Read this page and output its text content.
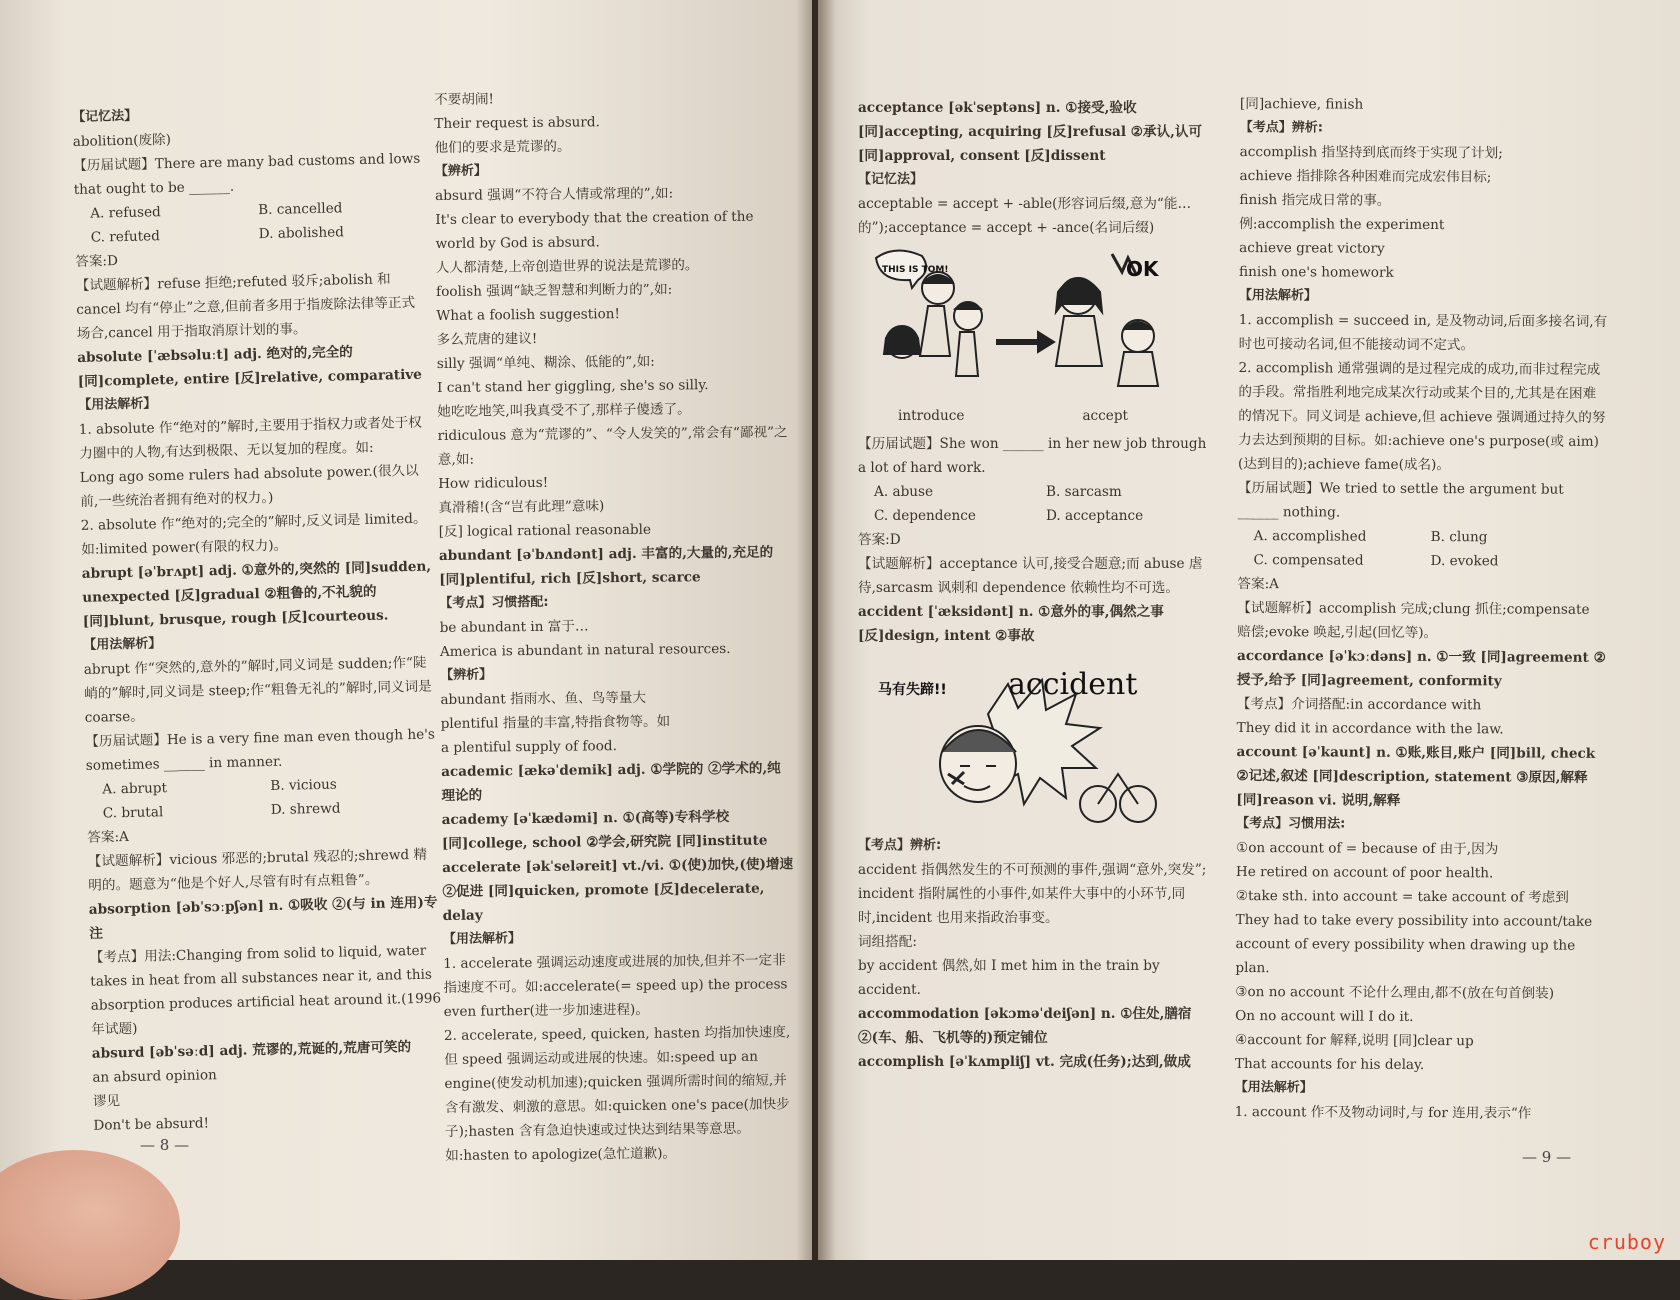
【记忆法】

abolition(废除)

【历届试题】There are many bad customs and lows that ought to be ______.

A. refused	B. cancelled

C. refuted	D. abolished

答案:D

【试题解析】refuse 拒绝;refuted 驳斥;abolish 和 cancel 均有“停止”之意,但前者多用于指废除法律等正式场合,cancel 用于指取消原计划的事。

absolute [ˈæbsəluːt] adj. 绝对的,完全的 [同]complete, entire [反]relative, comparative

【用法解析】

1. absolute 作“绝对的”解时,主要用于指权力或者处于权力圈中的人物,有达到极限、无以复加的程度。如:

Long ago some rulers had absolute power.(很久以前,一些统治者拥有绝对的权力。)

2. absolute 作“绝对的;完全的”解时,反义词是 limited。如:limited power(有限的权力)。

abrupt [əˈbrʌpt] adj. ①意外的,突然的 [同]sudden, unexpected [反]gradual ②粗鲁的,不礼貌的 [同]blunt, brusque, rough [反]courteous.

【用法解析】

abrupt 作“突然的,意外的”解时,同义词是 sudden;作“陡峭的”解时,同义词是 steep;作“粗鲁无礼的”解时,同义词是 coarse。

【历届试题】He is a very fine man even though he's sometimes ______ in manner.

A. abrupt	B. vicious

C. brutal	D. shrewd

答案:A

【试题解析】vicious 邪恶的;brutal 残忍的;shrewd 精明的。题意为“他是个好人,尽管有时有点粗鲁”。

absorption [əbˈsɔːpʃən] n. ①吸收 ②(与 in 连用)专注

【考点】用法:Changing from solid to liquid, water takes in heat from all substances near it, and this absorption produces artificial heat around it.(1996 年试题)

absurd [əbˈsəːd] adj. 荒谬的,荒诞的,荒唐可笑的

an absurd opinion

谬见

Don't be absurd!

不要胡闹!

Their request is absurd.

他们的要求是荒谬的。

【辨析】

absurd 强调“不符合人情或常理的”,如:

It's clear to everybody that the creation of the world by God is absurd.

人人都清楚,上帝创造世界的说法是荒谬的。

foolish 强调“缺乏智慧和判断力的”,如:

What a foolish suggestion!

多么荒唐的建议!

silly 强调“单纯、糊涂、低能的”,如:

I can't stand her giggling, she's so silly.

她吃吃地笑,叫我真受不了,那样子傻透了。

ridiculous 意为“荒谬的”、“令人发笑的”,常会有“鄙视”之意,如:

How ridiculous!

真滑稽!(含“岂有此理”意味)

[反] logical rational reasonable

abundant [əˈbʌndənt] adj. 丰富的,大量的,充足的 [同]plentiful, rich [反]short, scarce

【考点】习惯搭配:

be abundant in 富于…

America is abundant in natural resources.

【辨析】

abundant 指雨水、鱼、鸟等量大

plentiful 指量的丰富,特指食物等。如

a plentiful supply of food.

academic [ækəˈdemik] adj. ①学院的 ②学术的,纯理论的

academy [əˈkædəmi] n. ①(高等)专科学校 [同]college, school ②学会,研究院 [同]institute

accelerate [əkˈseləreit] vt./vi. ①(使)加快,(使)增速 ②促进 [同]quicken, promote [反]decelerate, delay

【用法解析】

1. accelerate 强调运动速度或进展的加快,但并不一定非指速度不可。如:accelerate(= speed up) the process even further(进一步加速进程)。

2. accelerate, speed, quicken, hasten 均指加快速度,但 speed 强调运动或进展的快速。如:speed up an engine(使发动机加速);quicken 强调所需时间的缩短,并含有激发、刺激的意思。如:quicken one's pace(加快步子);hasten 含有急迫快速或过快达到结果等意思。如:hasten to apologize(急忙道歉)。

acceptance [əkˈseptəns] n. ①接受,验收 [同]accepting, acquiring [反]refusal ②承认,认可 [同]approval, consent [反]dissent

【记忆法】

acceptable = accept + -able(形容词后缀,意为“能…的”);acceptance = accept + -ance(名词后缀)

THIS IS TOM!	OK
introduce	accept

【历届试题】She won ______ in her new job through a lot of hard work.

A. abuse	B. sarcasm

C. dependence	D. acceptance

答案:D

【试题解析】acceptance 认可,接受合题意;而 abuse 虐待,sarcasm 讽刺和 dependence 依赖性均不可选。

accident [ˈæksidənt] n. ①意外的事,偶然之事 [反]design, intent ②事故

马有失蹄!! accident

【考点】辨析:

accident 指偶然发生的不可预测的事件,强调“意外,突发”;

incident 指附属性的小事件,如某件大事中的小环节,同时,incident 也用来指政治事变。

词组搭配:

by accident 偶然,如 I met him in the train by accident.

accommodation [əkɔməˈdeiʃən] n. ①住处,膳宿 ②(车、船、飞机等的)预定铺位

accomplish [əˈkʌmpliʃ] vt. 完成(任务);达到,做成

[同]achieve, finish

【考点】辨析:

accomplish 指坚持到底而终于实现了计划;

achieve 指排除各种困难而完成宏伟目标;

finish 指完成日常的事。

例:accomplish the experiment

achieve great victory

finish one's homework

【用法解析】

1. accomplish = succeed in, 是及物动词,后面多接名词,有时也可接动名词,但不能接动词不定式。

2. accomplish 通常强调的是过程完成的成功,而非过程完成的手段。常指胜利地完成某次行动或某个目的,尤其是在困难的情况下。同义词是 achieve,但 achieve 强调通过持久的努力去达到预期的目标。如:achieve one's purpose(或 aim)(达到目的);achieve fame(成名)。

【历届试题】We tried to settle the argument but ______ nothing.

A. accomplished	B. clung

C. compensated	D. evoked

答案:A

【试题解析】accomplish 完成;clung 抓住;compensate 赔偿;evoke 唤起,引起(回忆等)。

accordance [əˈkɔːdəns] n. ①一致 [同]agreement ②授予,给予 [同]agreement, conformity

【考点】介词搭配:in accordance with

They did it in accordance with the law.

account [əˈkaunt] n. ①账,账目,账户 [同]bill, check ②记述,叙述 [同]description, statement ③原因,解释 [同]reason vi. 说明,解释

【考点】习惯用法:

①on account of = because of 由于,因为

He retired on account of poor health.

②take sth. into account = take account of 考虑到

They had to take every possibility into account/take account of every possibility when drawing up the plan.

③on no account 不论什么理由,都不(放在句首倒装)

On no account will I do it.

④account for 解释,说明 [同]clear up

That accounts for his delay.

【用法解析】

1. account 作不及物动词时,与 for 连用,表示“作

— 8 —
— 9 —
cruboy
